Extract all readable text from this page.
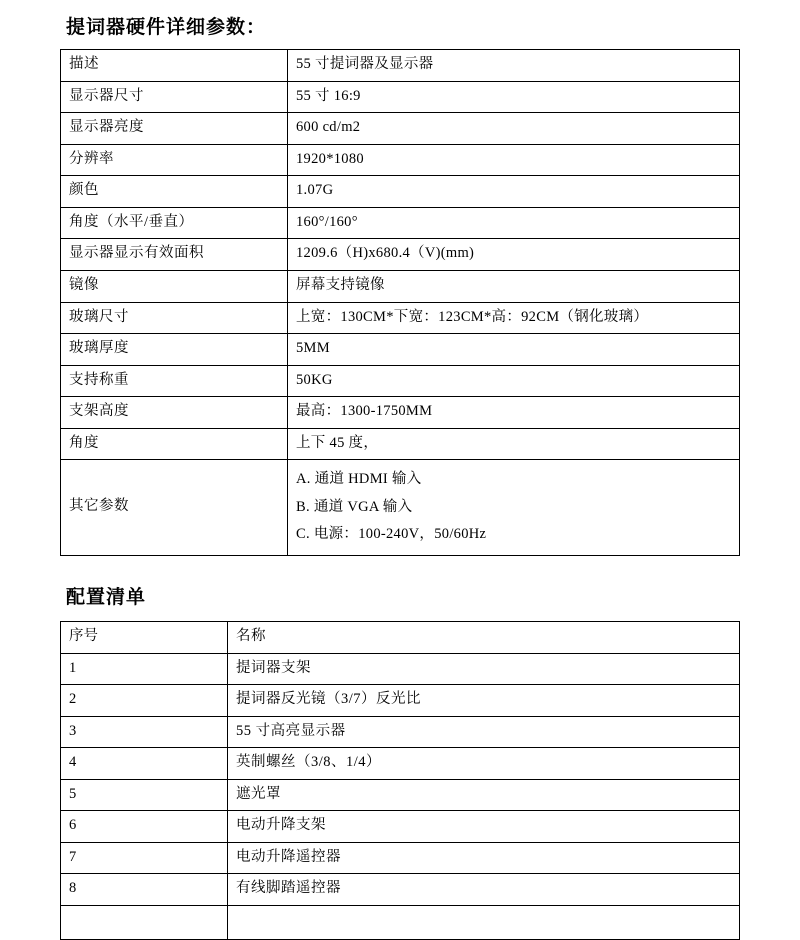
提词器硬件详细参数：
描述	55 寸提词器及显示器
显示器尺寸	55 寸 16:9
显示器亮度	600 cd/m2
分辨率	1920*1080
颜色	1.07G
角度（水平/垂直）	160°/160°
显示器显示有效面积	1209.6（H)x680.4（V)(mm)
镜像	屏幕支持镜像
玻璃尺寸	上宽：130CM*下宽：123CM*高：92CM（钢化玻璃）
玻璃厚度	5MM
支持称重	50KG
支架高度	最高：1300-1750MM
角度	上下 45 度，
其它参数	A. 通道 HDMI 输入
B. 通道 VGA 输入
C. 电源：100-240V，50/60Hz
配置清单
序号	名称
1	提词器支架
2	提词器反光镜（3/7）反光比
3	55 寸高亮显示器
4	英制螺丝（3/8、1/4）
5	遮光罩
6	电动升降支架
7	电动升降遥控器
8	有线脚踏遥控器
